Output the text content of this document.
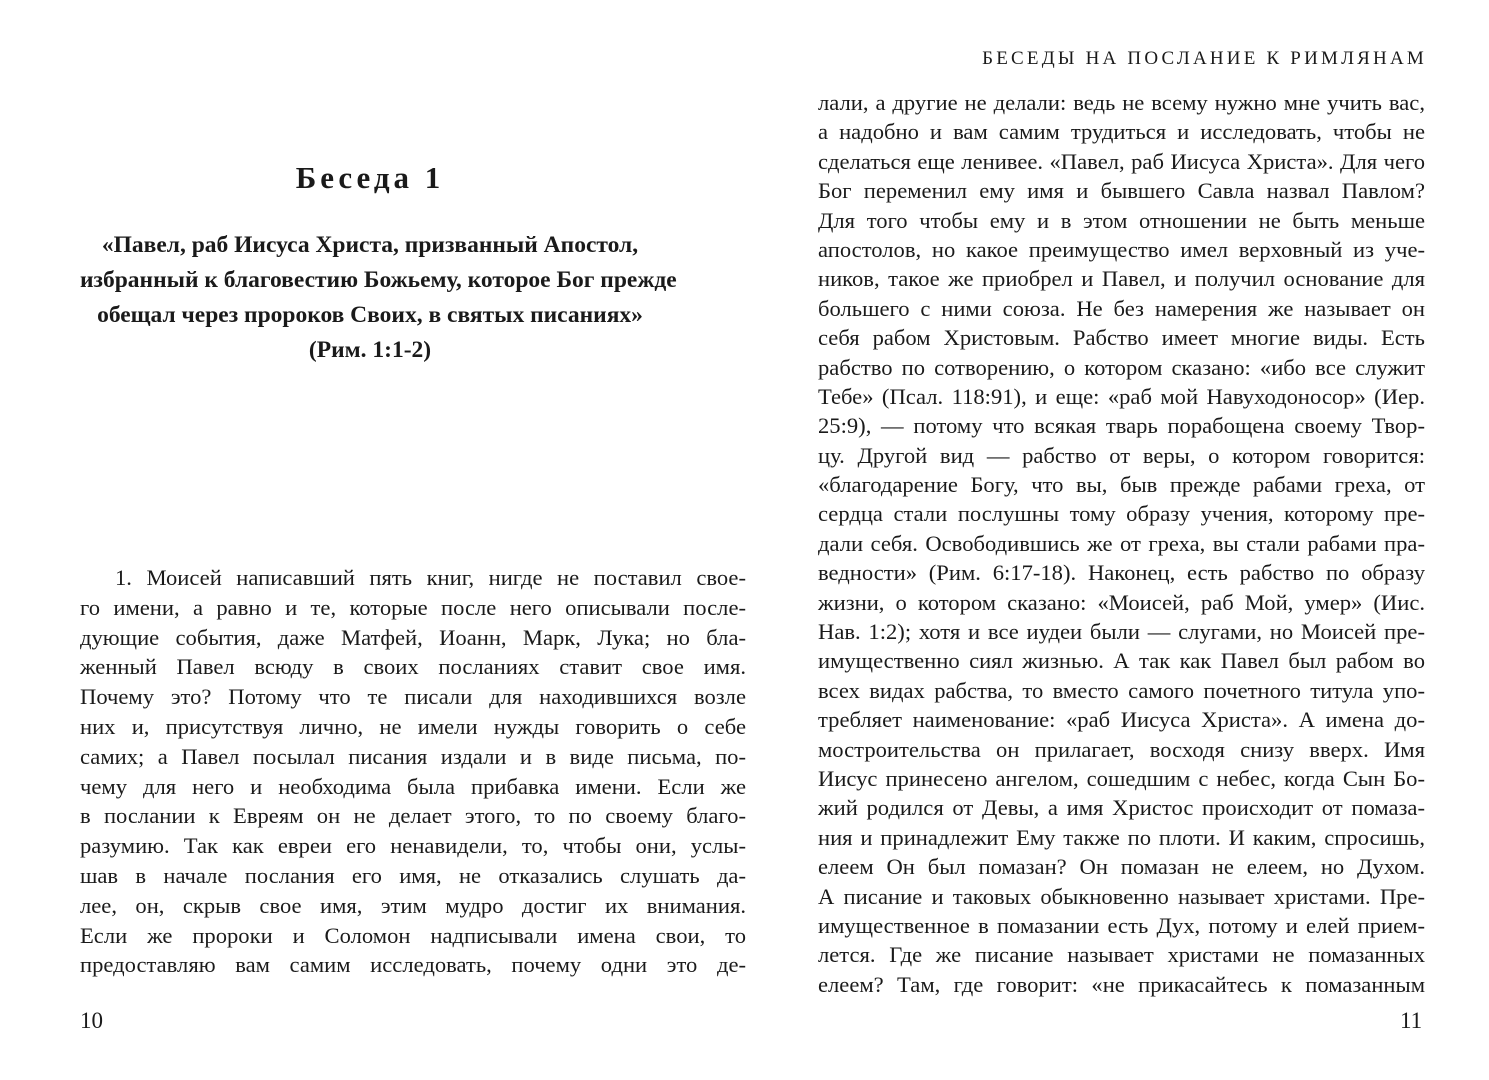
Беседа 1
«Павел, раб Иисуса Христа, призванный Апостол,
избранный к благовестию Божьему, которое Бог прежде
обещал через пророков Своих, в святых писаниях»
(Рим. 1:1-2)
1. Моисей написавший пять книг, нигде не поставил свое-
го имени, а равно и те, которые после него описывали после-
дующие события, даже Матфей, Иоанн, Марк, Лука; но бла-
женный Павел всюду в своих посланиях ставит свое имя.
Почему это? Потому что те писали для находившихся возле
них и, присутствуя лично, не имели нужды говорить о себе
самих; а Павел посылал писания издали и в виде письма, по-
чему для него и необходима была прибавка имени. Если же
в послании к Евреям он не делает этого, то по своему благо-
разумию. Так как евреи его ненавидели, то, чтобы они, услы-
шав в начале послания его имя, не отказались слушать да-
лее, он, скрыв свое имя, этим мудро достиг их внимания.
Если же пророки и Соломон надписывали имена свои, то
предоставляю вам самим исследовать, почему одни это де-
10
БЕСЕДЫ НА ПОСЛАНИЕ К РИМЛЯНАМ
лали, а другие не делали: ведь не всему нужно мне учить вас,
а надобно и вам самим трудиться и исследовать, чтобы не
сделаться еще ленивее. «Павел, раб Иисуса Христа». Для чего
Бог переменил ему имя и бывшего Савла назвал Павлом?
Для того чтобы ему и в этом отношении не быть меньше
апостолов, но какое преимущество имел верховный из уче-
ников, такое же приобрел и Павел, и получил основание для
большего с ними союза. Не без намерения же называет он
себя рабом Христовым. Рабство имеет многие виды. Есть
рабство по сотворению, о котором сказано: «ибо все служит
Тебе» (Псал. 118:91), и еще: «раб мой Навуходоносор» (Иер.
25:9), — потому что всякая тварь порабощена своему Твор-
цу. Другой вид — рабство от веры, о котором говорится:
«благодарение Богу, что вы, быв прежде рабами греха, от
сердца стали послушны тому образу учения, которому пре-
дали себя. Освободившись же от греха, вы стали рабами пра-
ведности» (Рим. 6:17-18). Наконец, есть рабство по образу
жизни, о котором сказано: «Моисей, раб Мой, умер» (Иис.
Нав. 1:2); хотя и все иудеи были — слугами, но Моисей пре-
имущественно сиял жизнью. А так как Павел был рабом во
всех видах рабства, то вместо самого почетного титула упо-
требляет наименование: «раб Иисуса Христа». А имена до-
мостроительства он прилагает, восходя снизу вверх. Имя
Иисус принесено ангелом, сошедшим с небес, когда Сын Бо-
жий родился от Девы, а имя Христос происходит от помаза-
ния и принадлежит Ему также по плоти. И каким, спросишь,
елеем Он был помазан? Он помазан не елеем, но Духом.
А писание и таковых обыкновенно называет христами. Пре-
имущественное в помазании есть Дух, потому и елей прием-
лется. Где же писание называет христами не помазанных
елеем? Там, где говорит: «не прикасайтесь к помазанным
11
